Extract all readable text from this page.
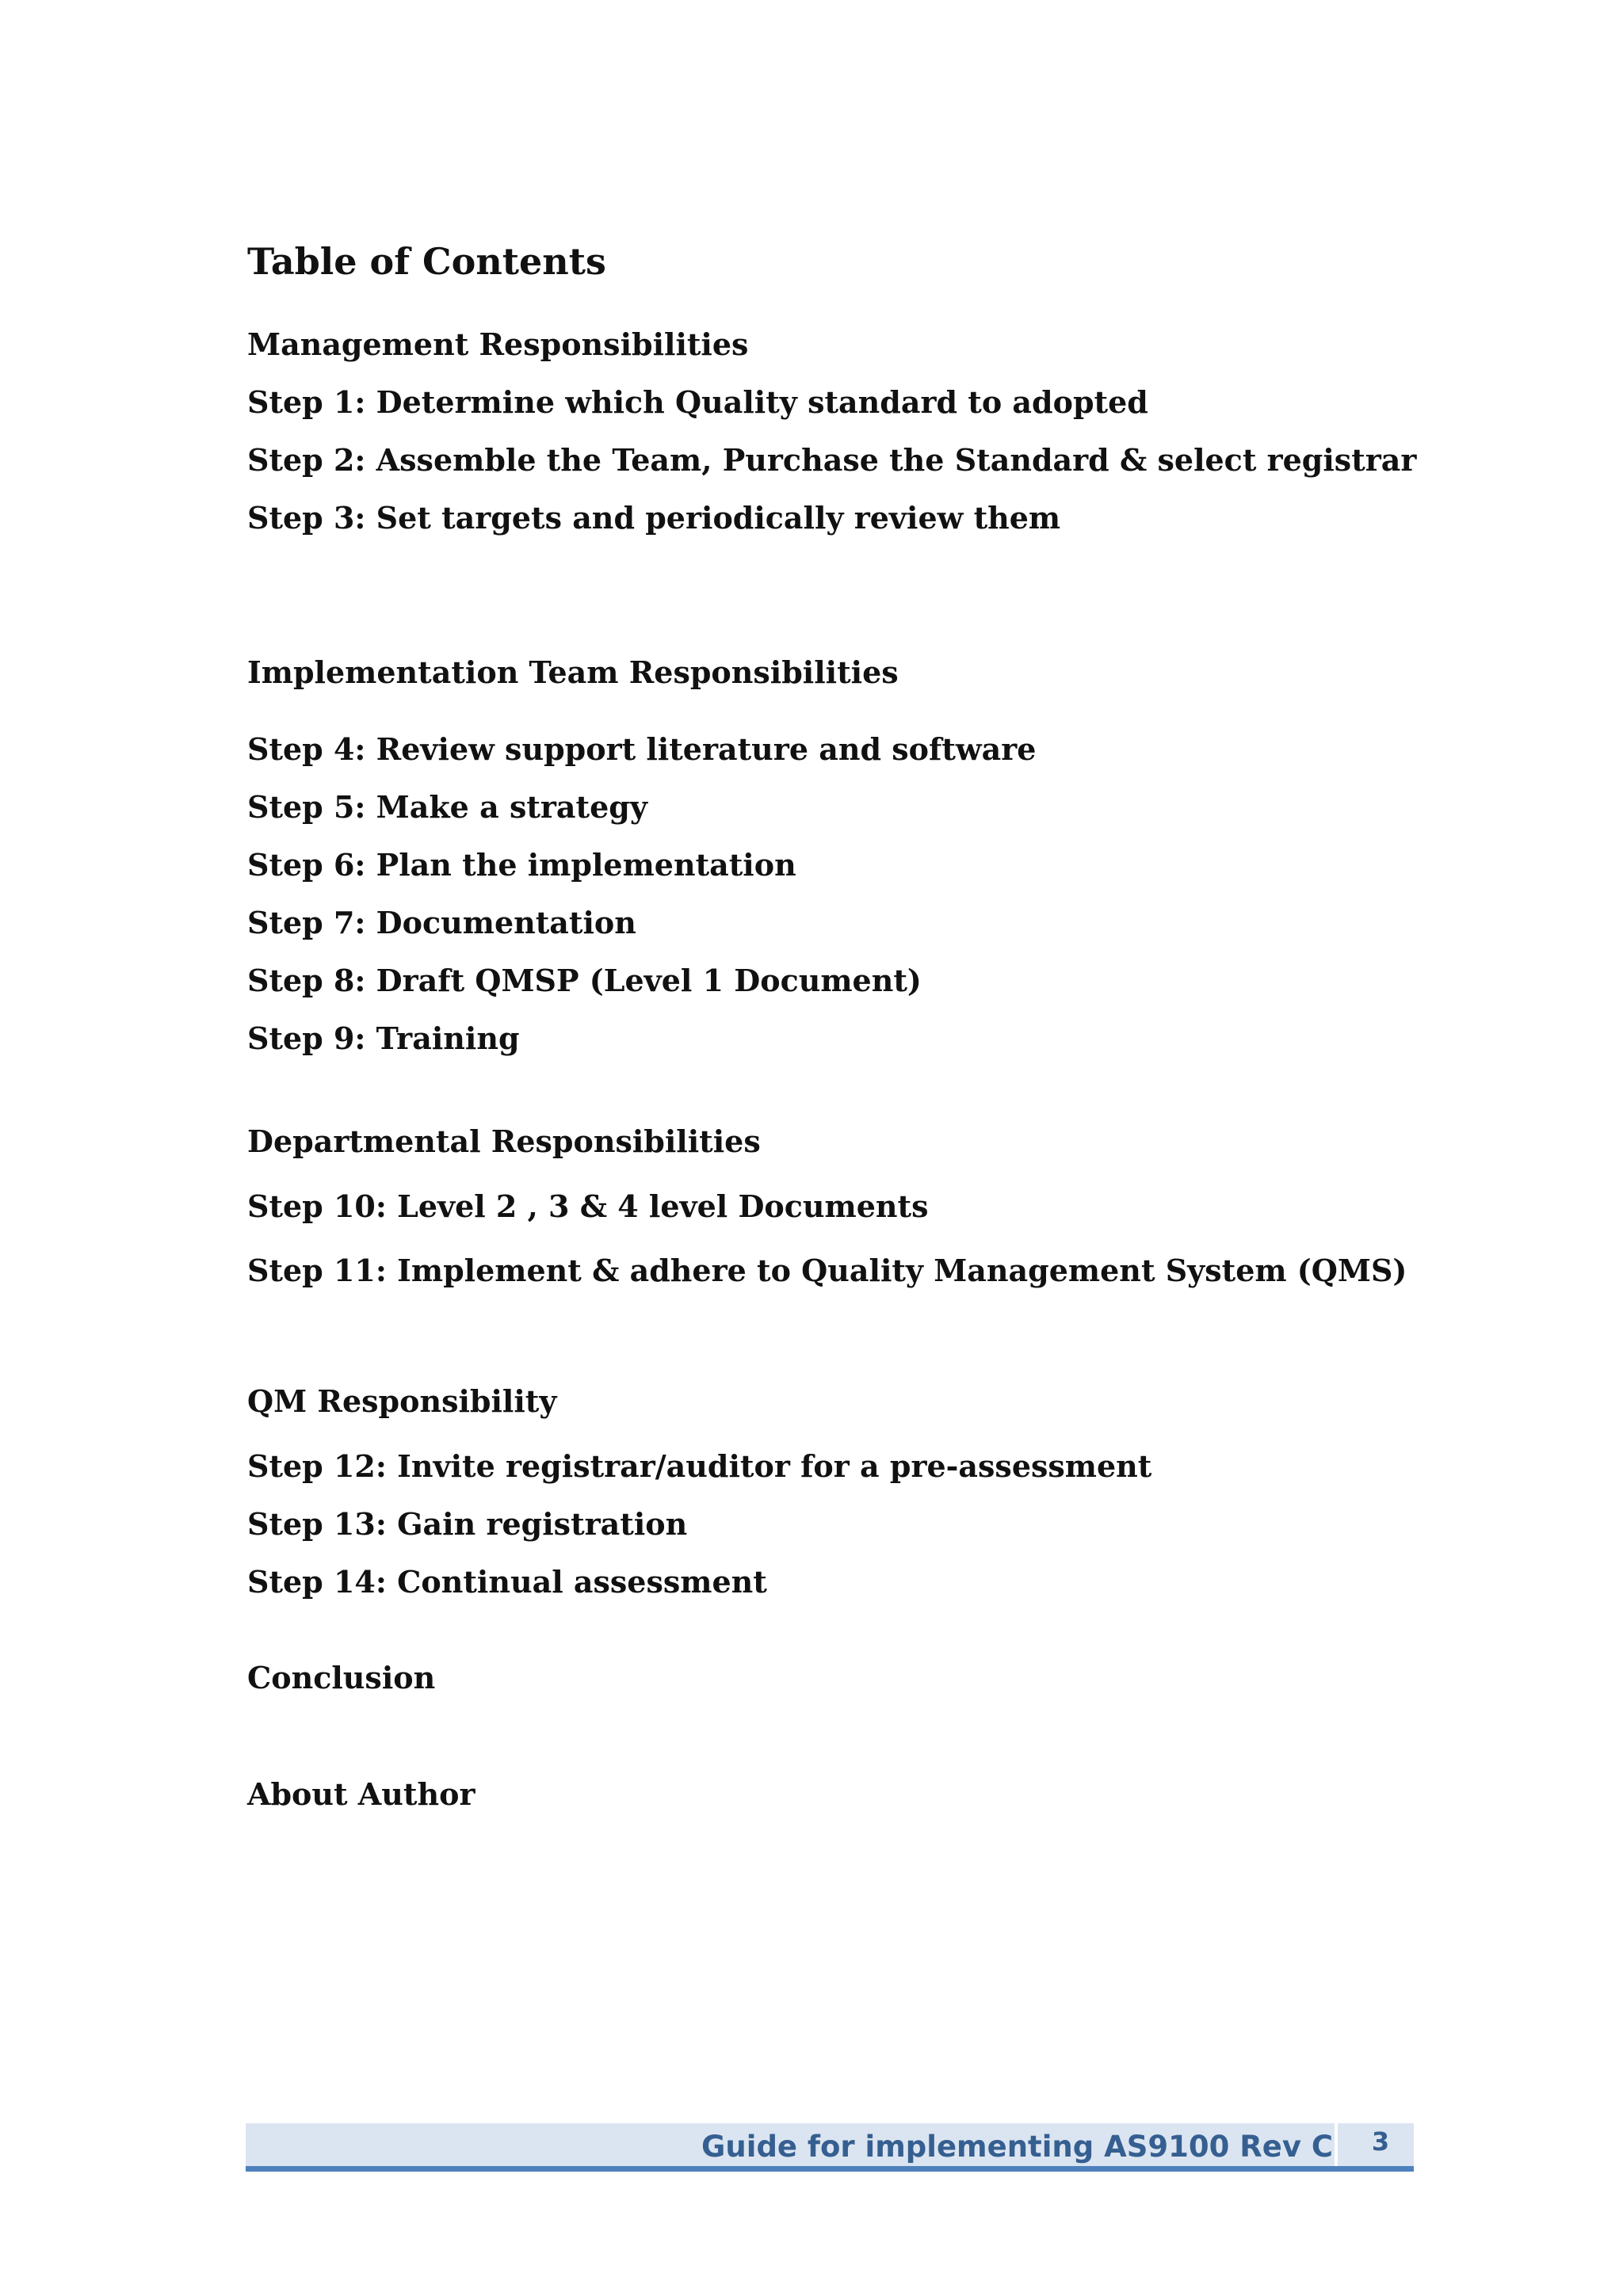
Table of Contents
Management Responsibilities
Step 1: Determine which Quality standard to adopted
Step 2: Assemble the Team, Purchase the Standard & select registrar
Step 3: Set targets and periodically review them
Implementation Team Responsibilities
Step 4: Review support literature and software
Step 5: Make a strategy
Step 6: Plan the implementation
Step 7: Documentation
Step 8: Draft QMSP (Level 1 Document)
Step 9: Training
Departmental Responsibilities
Step 10: Level 2 , 3 & 4 level Documents
Step 11: Implement & adhere to Quality Management System (QMS)
QM Responsibility
Step 12: Invite registrar/auditor for a pre-assessment
Step 13: Gain registration
Step 14: Continual assessment
Conclusion
About Author
Guide for implementing AS9100 Rev C	3
